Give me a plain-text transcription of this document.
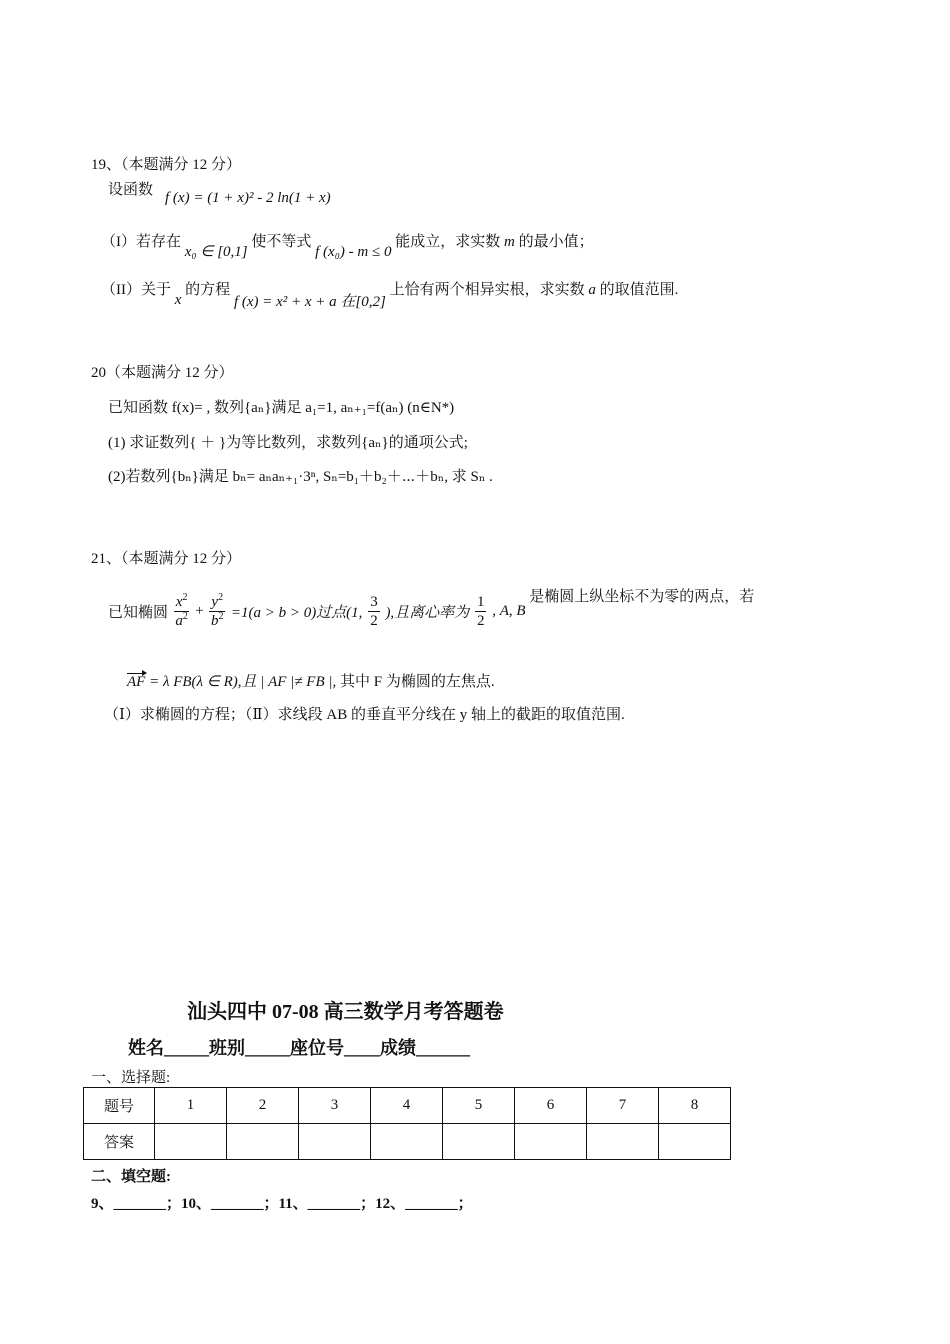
19、（本题满分 12 分）
设函数 f (x) = (1 + x)² - 2 ln(1 + x)
（I）若存在 x₀ ∈ [0,1] 使不等式 f (x₀) - m ≤ 0 能成立，求实数 m 的最小值；
（II）关于 x 的方程 f (x) = x² + x + a 在[0,2] 上恰有两个相异实根，求实数 a 的取值范围.
20（本题满分 12 分）
已知函数 f(x)= , 数列{aₙ}满足 a₁=1, aₙ₊₁=f(aₙ) (n∈N*)
(1) 求证数列{ ＋ }为等比数列，求数列{aₙ}的通项公式;
(2)若数列{bₙ}满足 bₙ= aₙaₙ₊₁·3ⁿ, Sₙ=b₁＋b₂＋⋯＋bₙ, 求 Sₙ .
21、（本题满分 12 分）
已知椭圆 $\frac{x^2}{a^2} + \frac{y^2}{b^2} =1(a > b > 0)$过点(1, $\frac{3}{2}$ ),且离心率为 $\frac{1}{2}$ , A, B 是椭圆上纵坐标不为零的两点，若
AF = λ FB(λ ∈ R),且 | AF |≠ FB |, 其中 F 为椭圆的左焦点.
（Ⅰ）求椭圆的方程；（Ⅱ）求线段 AB 的垂直平分线在 y 轴上的截距的取值范围.
汕头四中 07-08 高三数学月考答题卷
姓名_____班别_____座位号____成绩______
一、选择题:
题号	1	2	3	4	5	6	7	8
答案								
二、填空题:
9、_______；10、_______；11、_______；12、_______；
